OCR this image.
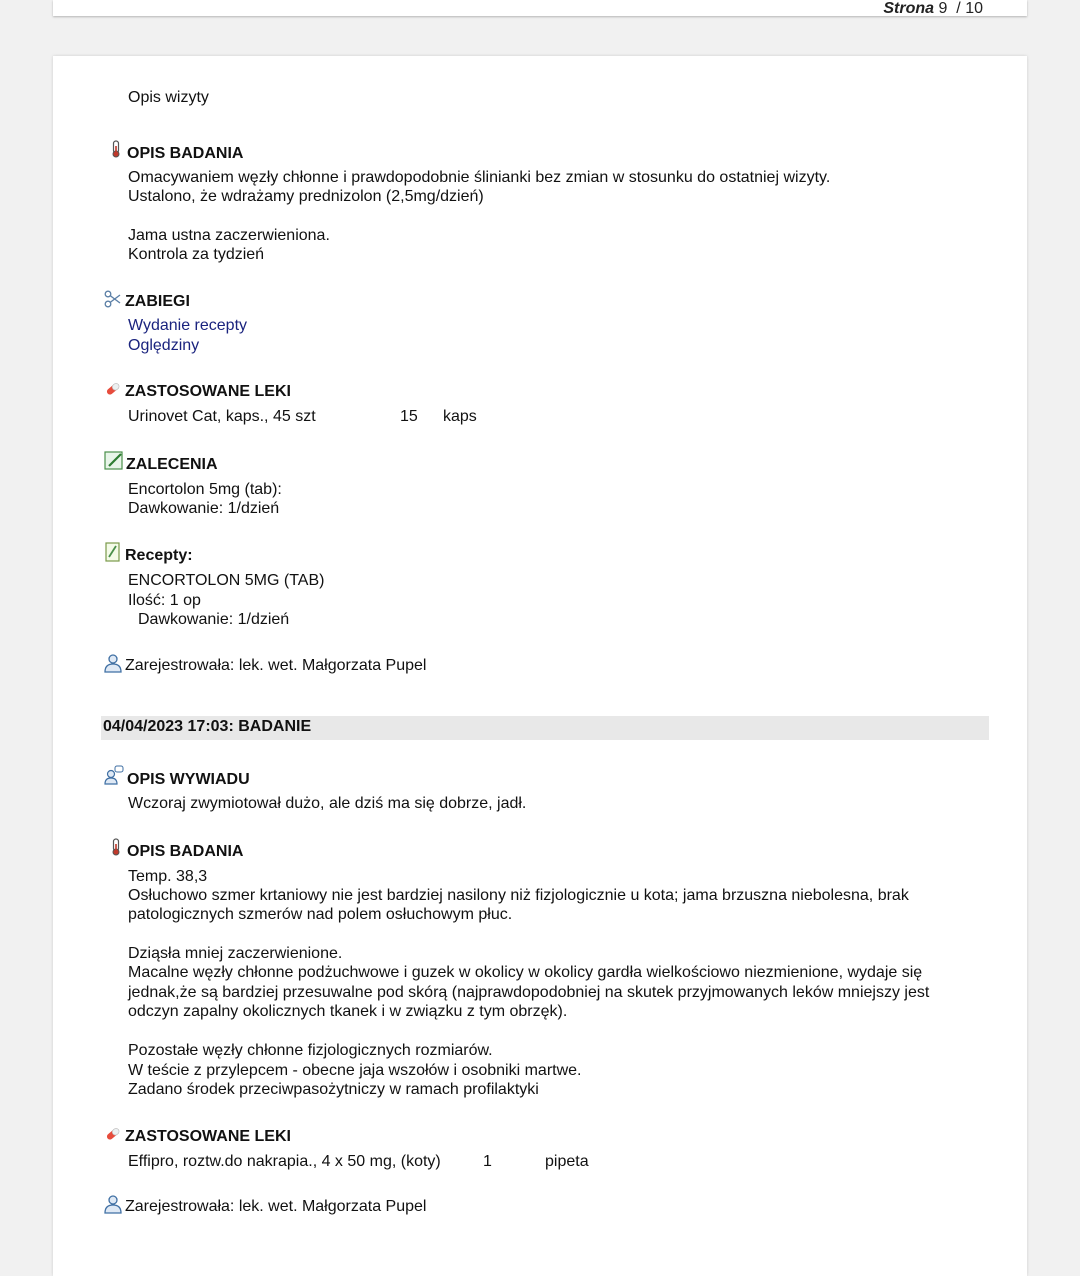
Strona 9 / 10
Opis wizyty
OPIS BADANIA
Omacywaniem węzły chłonne i prawdopodobnie ślinianki bez zmian w stosunku do ostatniej wizyty.
Ustalono, że wdrażamy prednizolon (2,5mg/dzień)
Jama ustna zaczerwieniona.
Kontrola za tydzień
ZABIEGI
Wydanie recepty
Oględziny
ZASTOSOWANE LEKI
Urinovet Cat, kaps., 45 szt	15 kaps
ZALECENIA
Encortolon 5mg (tab):
Dawkowanie: 1/dzień
Recepty:
ENCORTOLON 5MG (TAB)
Ilość: 1 op
Dawkowanie: 1/dzień
Zarejestrowała: lek. wet. Małgorzata Pupel
04/04/2023 17:03: BADANIE
OPIS WYWIADU
Wczoraj zwymiotował dużo, ale dziś ma się dobrze, jadł.
OPIS BADANIA
Temp. 38,3
Osłuchowo szmer krtaniowy nie jest bardziej nasilony niż fizjologicznie u kota; jama brzuszna niebolesna, brak
patologicznych szmerów nad polem osłuchowym płuc.
Dziąsła mniej zaczerwienione.
Macalne węzły chłonne podżuchwowe i guzek w okolicy w okolicy gardła wielkościowo niezmienione, wydaje się
jednak,że są bardziej przesuwalne pod skórą (najprawdopodobniej na skutek przyjmowanych leków mniejszy jest
odczyn zapalny okolicznych tkanek i w związku z tym obrzęk).
Pozostałe węzły chłonne fizjologicznych rozmiarów.
W teście z przylepcem - obecne jaja wszołów i osobniki martwe.
Zadano środek przeciwpasożytniczy w ramach profilaktyki
ZASTOSOWANE LEKI
Effipro, roztw.do nakrapia., 4 x 50 mg, (koty)	1	pipeta
Zarejestrowała: lek. wet. Małgorzata Pupel
